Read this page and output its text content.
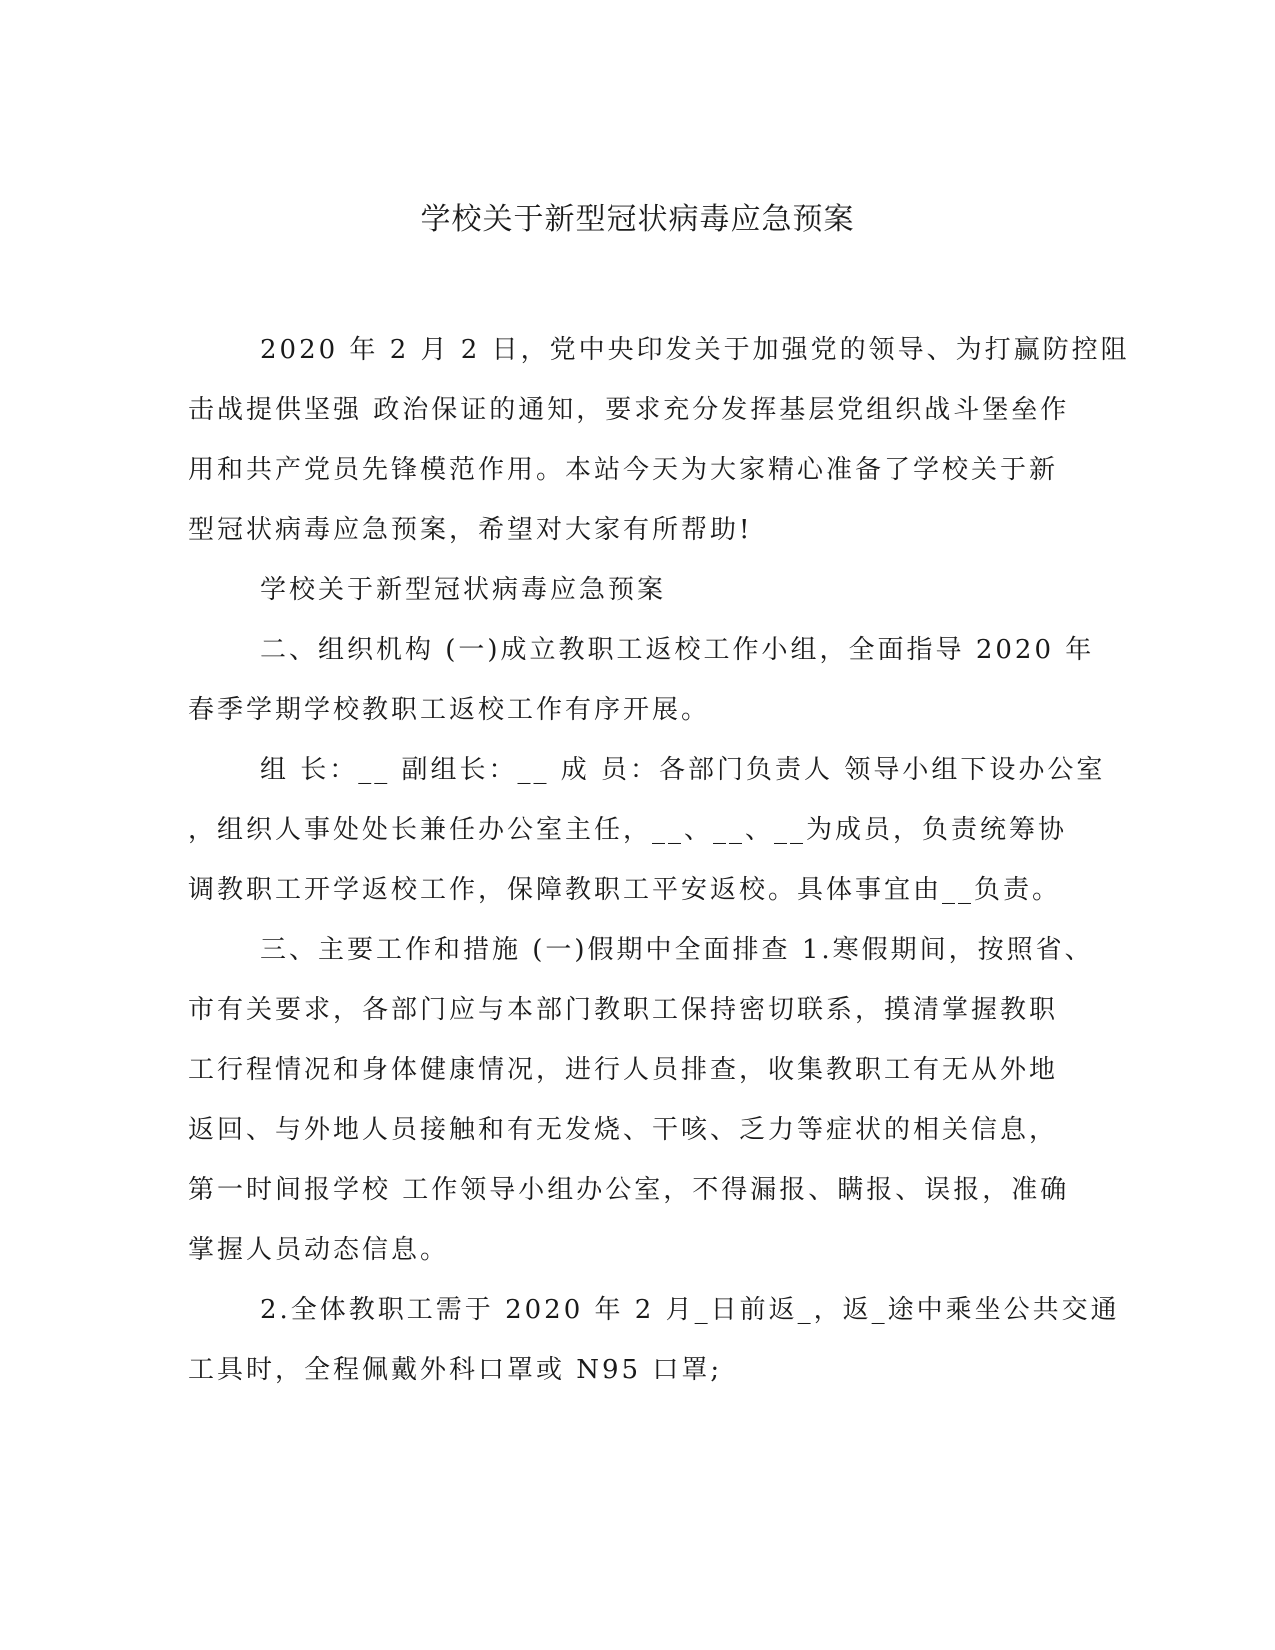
学校关于新型冠状病毒应急预案
2020 年 2 月 2 日，党中央印发关于加强党的领导、为打赢防控阻
击战提供坚强 政治保证的通知，要求充分发挥基层党组织战斗堡垒作
用和共产党员先锋模范作用。本站今天为大家精心准备了学校关于新
型冠状病毒应急预案，希望对大家有所帮助!
学校关于新型冠状病毒应急预案
二、组织机构 (一)成立教职工返校工作小组，全面指导 2020 年
春季学期学校教职工返校工作有序开展。
组 长：__ 副组长：__ 成 员：各部门负责人 领导小组下设办公室
，组织人事处处长兼任办公室主任，__、__、__为成员，负责统筹协
调教职工开学返校工作，保障教职工平安返校。具体事宜由__负责。
三、主要工作和措施 (一)假期中全面排查 1.寒假期间，按照省、
市有关要求，各部门应与本部门教职工保持密切联系，摸清掌握教职
工行程情况和身体健康情况，进行人员排查，收集教职工有无从外地
返回、与外地人员接触和有无发烧、干咳、乏力等症状的相关信息，
第一时间报学校 工作领导小组办公室，不得漏报、瞒报、误报，准确
掌握人员动态信息。
2.全体教职工需于 2020 年 2 月_日前返_，返_途中乘坐公共交通
工具时，全程佩戴外科口罩或 N95 口罩;
